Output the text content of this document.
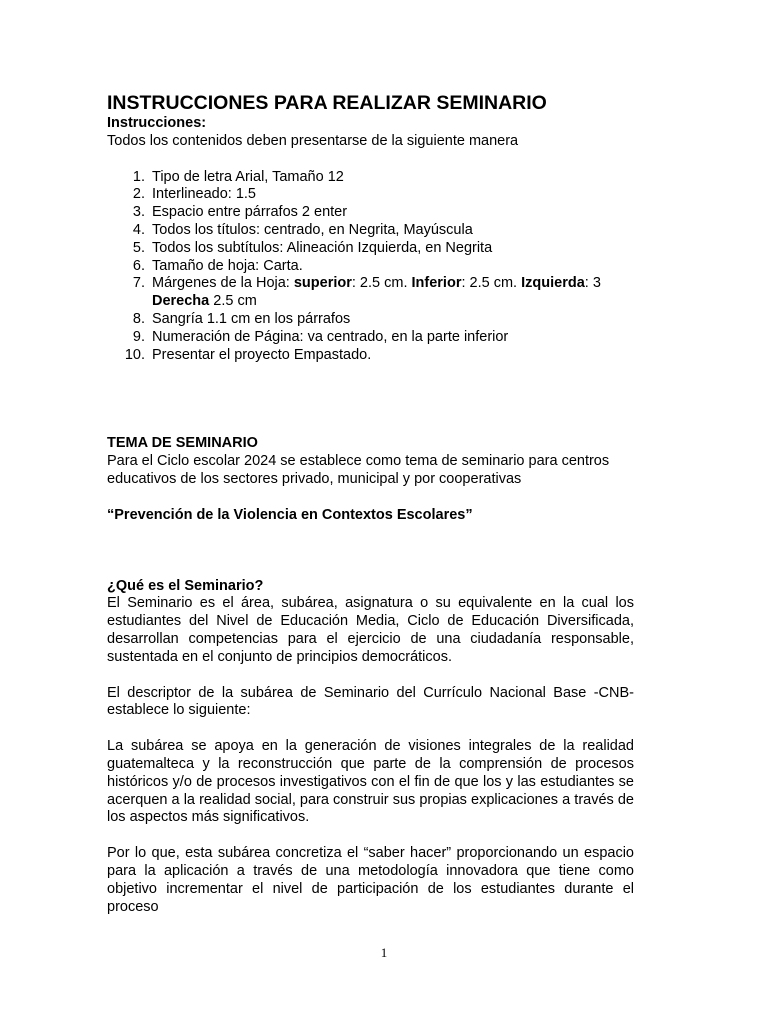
INSTRUCCIONES PARA REALIZAR SEMINARIO

Instrucciones:

Todos los contenidos deben presentarse de la siguiente manera

1. Tipo de letra Arial, Tamaño 12
2. Interlineado: 1.5
3. Espacio entre párrafos 2 enter
4. Todos los títulos: centrado, en Negrita, Mayúscula
5. Todos los subtítulos: Alineación Izquierda, en Negrita
6. Tamaño de hoja: Carta.
7. Márgenes de la Hoja: superior: 2.5 cm. Inferior: 2.5 cm. Izquierda: 3
Derecha 2.5 cm
8. Sangría 1.1 cm en los párrafos
9. Numeración de Página: va centrado, en la parte inferior
10. Presentar el proyecto Empastado.

TEMA DE SEMINARIO

Para el Ciclo escolar 2024 se establece como tema de seminario para centros educativos de los sectores privado, municipal y por cooperativas

“Prevención de la Violencia en Contextos Escolares”

¿Qué es el Seminario?

El Seminario es el área, subárea, asignatura o su equivalente en la cual los estudiantes del Nivel de Educación Media, Ciclo de Educación Diversificada, desarrollan competencias para el ejercicio de una ciudadanía responsable, sustentada en el conjunto de principios democráticos.

El descriptor de la subárea de Seminario del Currículo Nacional Base -CNB- establece lo siguiente:

La subárea se apoya en la generación de visiones integrales de la realidad guatemalteca y la reconstrucción que parte de la comprensión de procesos históricos y/o de procesos investigativos con el fin de que los y las estudiantes se acerquen a la realidad social, para construir sus propias explicaciones a través de los aspectos más significativos.

Por lo que, esta subárea concretiza el “saber hacer” proporcionando un espacio para la aplicación a través de una metodología innovadora que tiene como objetivo incrementar el nivel de participación de los estudiantes durante el proceso

1
